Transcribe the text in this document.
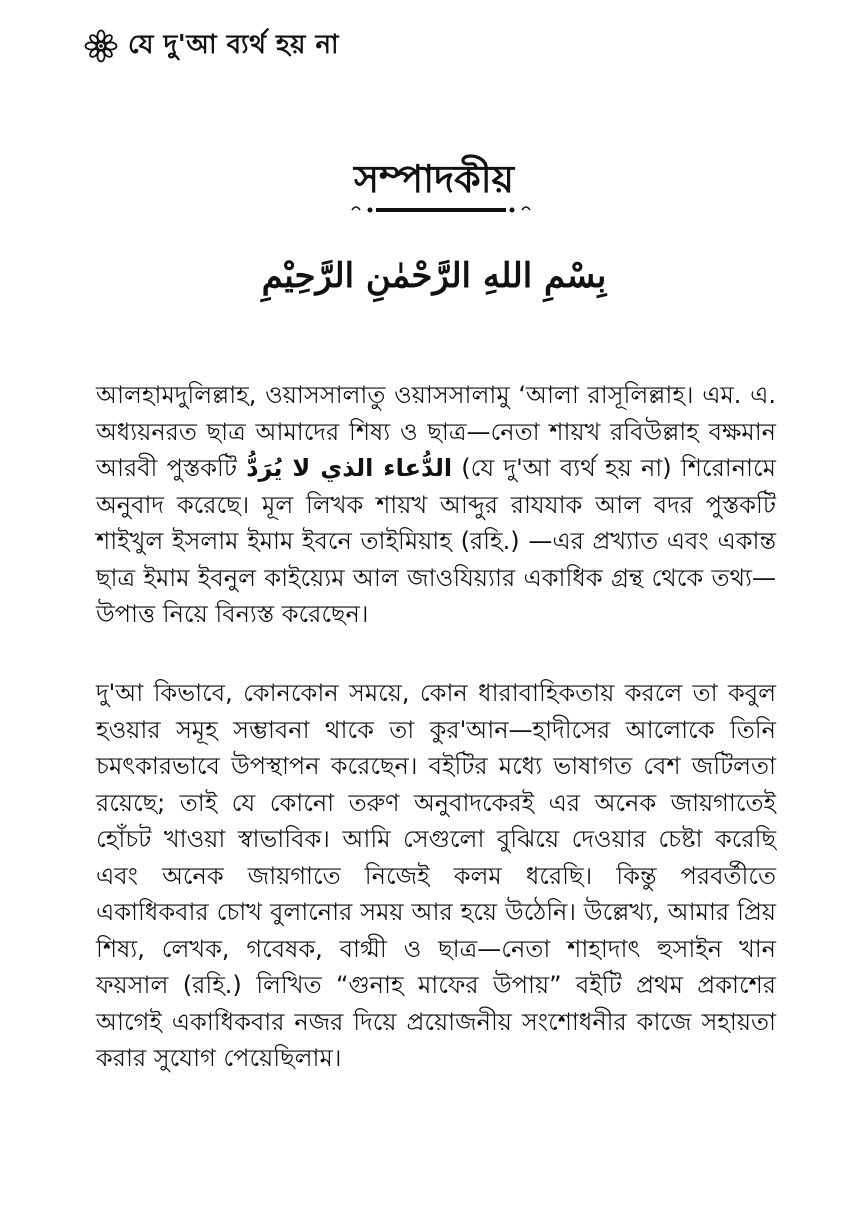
যে দু'আ ব্যর্থ হয় না
সম্পাদকীয়
بِسْمِ اللهِ الرَّحْمٰنِ الرَّحِيْمِ

আলহামদুলিল্লাহ, ওয়াসসালাতু ওয়াসসালামু ‘আলা রাসূলিল্লাহ। এম. এ. অধ্যয়নরত ছাত্র আমাদের শিষ্য ও ছাত্র—নেতা শায়খ রবিউল্লাহ বক্ষমান আরবী পুস্তকটি الدُّعاء الذي لا يُرَدُّ (যে দু'আ ব্যর্থ হয় না) শিরোনামে অনুবাদ করেছে। মূল লিখক শায়খ আব্দুর রাযযাক আল বদর পুস্তকটি শাইখুল ইসলাম ইমাম ইবনে তাইমিয়াহ (রহি.) —এর প্রখ্যাত এবং একান্ত ছাত্র ইমাম ইবনুল কাইয়্যেম আল জাওযিয়্যার একাধিক গ্রন্থ থেকে তথ্য—উপাত্ত নিয়ে বিন্যস্ত করেছেন।

দু'আ কিভাবে, কোনকোন সময়ে, কোন ধারাবাহিকতায় করলে তা কবুল হওয়ার সমূহ সম্ভাবনা থাকে তা কুর'আন—হাদীসের আলোকে তিনি চমৎকারভাবে উপস্থাপন করেছেন। বইটির মধ্যে ভাষাগত বেশ জটিলতা রয়েছে; তাই যে কোনো তরুণ অনুবাদকেরই এর অনেক জায়গাতেই হোঁচট খাওয়া স্বাভাবিক। আমি সেগুলো বুঝিয়ে দেওয়ার চেষ্টা করেছি এবং অনেক জায়গাতে নিজেই কলম ধরেছি। কিন্তু পরবর্তীতে একাধিকবার চোখ বুলানোর সময় আর হয়ে উঠেনি। উল্লেখ্য, আমার প্রিয় শিষ্য, লেখক, গবেষক, বাগ্মী ও ছাত্র—নেতা শাহাদাৎ হুসাইন খান ফয়সাল (রহি.) লিখিত “গুনাহ মাফের উপায়” বইটি প্রথম প্রকাশের আগেই একাধিকবার নজর দিয়ে প্রয়োজনীয় সংশোধনীর কাজে সহায়তা করার সুযোগ পেয়েছিলাম।
